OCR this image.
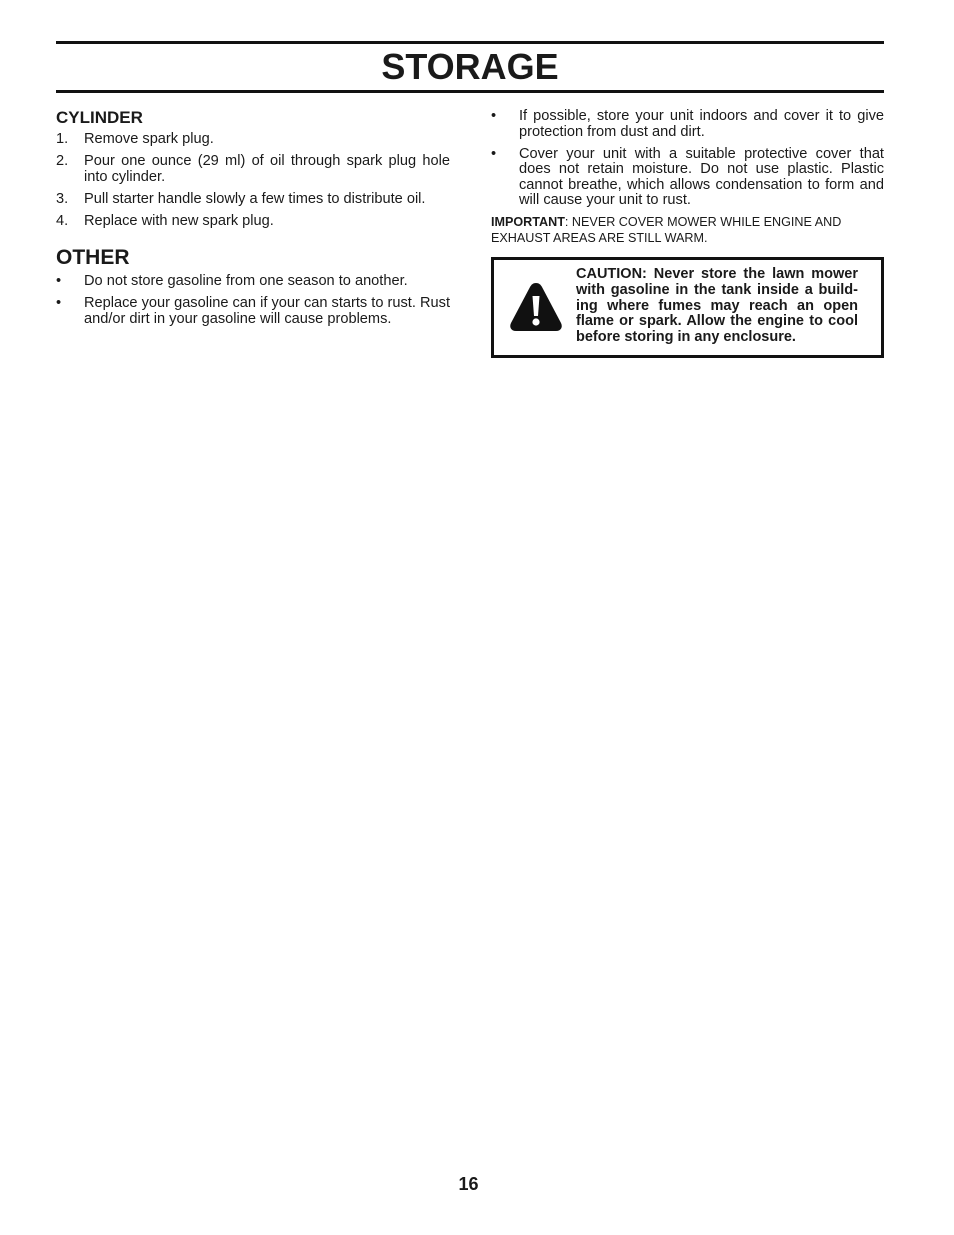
STORAGE
CYLINDER
1. Remove spark plug.
2. Pour one ounce (29 ml) of oil through spark plug hole into cylinder.
3. Pull starter handle slowly a few times to distribute oil.
4. Replace with new spark plug.
OTHER
• Do not store gasoline from one season to another.
• Replace your gasoline can if your can starts to rust. Rust and/or dirt in your gasoline will cause problems.
• If possible, store your unit indoors and cover it to give protection from dust and dirt.
• Cover your unit with a suitable protective cover that does not retain moisture. Do not use plastic. Plastic cannot breathe, which allows condensation to form and will cause your unit to rust.
IMPORTANT: NEVER COVER MOWER WHILE ENGINE AND EXHAUST AREAS ARE STILL WARM.
CAUTION: Never store the lawn mower with gasoline in the tank inside a build-ing where fumes may reach an open flame or spark. Allow the engine to cool before storing in any enclosure.
16
